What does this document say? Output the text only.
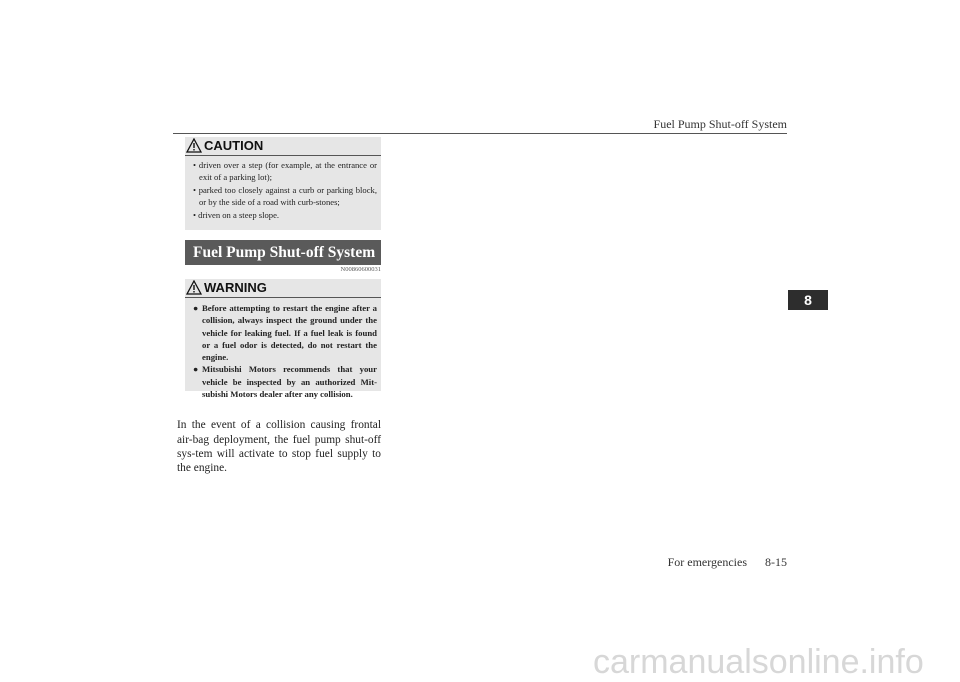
Fuel Pump Shut-off System
8
CAUTION

• driven over a step (for example, at the entrance or exit of a parking lot);

• parked too closely against a curb or parking block, or by the side of a road with curb-stones;

• driven on a steep slope.

Fuel Pump Shut-off System
N00860600031
WARNING

● Before attempting to restart the engine after a collision, always inspect the ground under the vehicle for leaking fuel. If a fuel leak is found or a fuel odor is detected, do not restart the engine.

● Mitsubishi Motors recommends that your vehicle be inspected by an authorized Mit-subishi Motors dealer after any collision.

In the event of a collision causing frontal air-bag deployment, the fuel pump shut-off sys-tem will activate to stop fuel supply to the engine.

For emergencies 8-15
carmanualsonline.info
